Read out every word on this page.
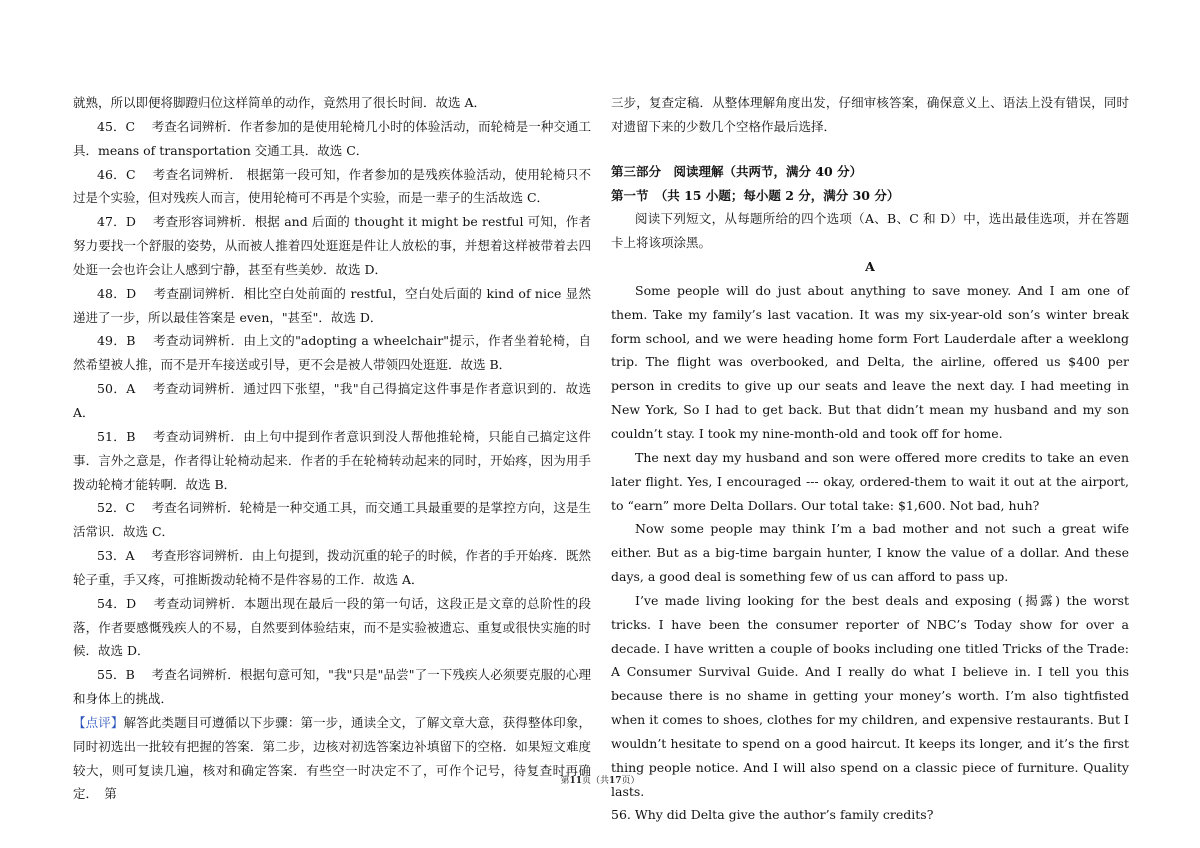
就熟，所以即便将脚蹬归位这样简单的动作，竟然用了很长时间．故选 A．

45．C　 考查名词辨析．作者参加的是使用轮椅几小时的体验活动，而轮椅是一种交通工具．means of transportation 交通工具．故选 C．

46．C　 考查名词辨析． 根据第一段可知，作者参加的是残疾体验活动，使用轮椅只不过是个实验，但对残疾人而言，使用轮椅可不再是个实验，而是一辈子的生活故选 C．

47．D　 考查形容词辨析．根据 and 后面的 thought it might be restful 可知，作者努力要找一个舒服的姿势，从而被人推着四处逛逛是件让人放松的事，并想着这样被带着去四处逛一会也许会让人感到宁静，甚至有些美妙．故选 D．

48．D　 考查副词辨析．相比空白处前面的 restful，空白处后面的 kind of nice 显然递进了一步，所以最佳答案是 even，"甚至"．故选 D．

49．B　 考查动词辨析．由上文的"adopting a wheelchair"提示，作者坐着轮椅，自然希望被人推，而不是开车接送或引导，更不会是被人带领四处逛逛．故选 B．

50．A　 考查动词辨析．通过四下张望，"我"自己得搞定这件事是作者意识到的．故选 A．

51．B　 考查动词辨析．由上句中提到作者意识到没人帮他推轮椅，只能自己搞定这件事．言外之意是，作者得让轮椅动起来．作者的手在轮椅转动起来的同时，开始疼，因为用手拨动轮椅才能转啊．故选 B．

52．C　 考查名词辨析．轮椅是一种交通工具，而交通工具最重要的是掌控方向，这是生活常识．故选 C．

53．A　 考查形容词辨析．由上句提到，拨动沉重的轮子的时候，作者的手开始疼．既然轮子重，手又疼，可推断拨动轮椅不是件容易的工作．故选 A．

54．D　 考查动词辨析．本题出现在最后一段的第一句话，这段正是文章的总阶性的段落，作者要感慨残疾人的不易，自然要到体验结束，而不是实验被遗忘、重复或很快实施的时候．故选 D．

55．B　 考查名词辨析．根据句意可知，"我"只是"品尝"了一下残疾人必须要克服的心理和身体上的挑战．

【点评】解答此类题目可遵循以下步骤：第一步，通读全文，了解文章大意，获得整体印象，同时初选出一批较有把握的答案．第二步，边核对初选答案边补填留下的空格．如果短文难度较大，则可复读几遍，核对和确定答案．有些空一时决定不了，可作个记号，待复查时再确定．　第

三步，复查定稿．从整体理解角度出发，仔细审核答案，确保意义上、语法上没有错误，同时对遗留下来的少数几个空格作最后选择．

第三部分　阅读理解（共两节，满分 40 分）

第一节　（共 15 小题；每小题 2 分，满分 30 分）

阅读下列短文，从每题所给的四个选项（A、B、C 和 D）中，选出最佳选项，并在答题卡上将该项涂黑。

A

Some people will do just about anything to save money. And I am one of them. Take my family’s last vacation. It was my six-year-old son’s winter break form school, and we were heading home form Fort Lauderdale after a weeklong trip. The flight was overbooked, and Delta, the airline, offered us $400 per person in credits to give up our seats and leave the next day. I had meeting in New York, So I had to get back. But that didn’t mean my husband and my son couldn’t stay. I took my nine-month-old and took off for home.

The next day my husband and son were offered more credits to take an even later flight. Yes, I encouraged --- okay, ordered-them to wait it out at the airport, to “earn” more Delta Dollars. Our total take: $1,600. Not bad, huh?

Now some people may think I’m a bad mother and not such a great wife either. But as a big-time bargain hunter, I know the value of a dollar. And these days, a good deal is something few of us can afford to pass up.

I’ve made living looking for the best deals and exposing (揭露) the worst tricks. I have been the consumer reporter of NBC’s Today show for over a decade. I have written a couple of books including one titled Tricks of the Trade: A Consumer Survival Guide. And I really do what I believe in. I tell you this because there is no shame in getting your money’s worth. I’m also tightfisted when it comes to shoes, clothes for my children, and expensive restaurants. But I wouldn’t hesitate to spend on a good haircut. It keeps its longer, and it’s the first thing people notice. And I will also spend on a classic piece of furniture. Quality lasts.

56. Why did Delta give the author’s family credits?

第11页（共17页）
